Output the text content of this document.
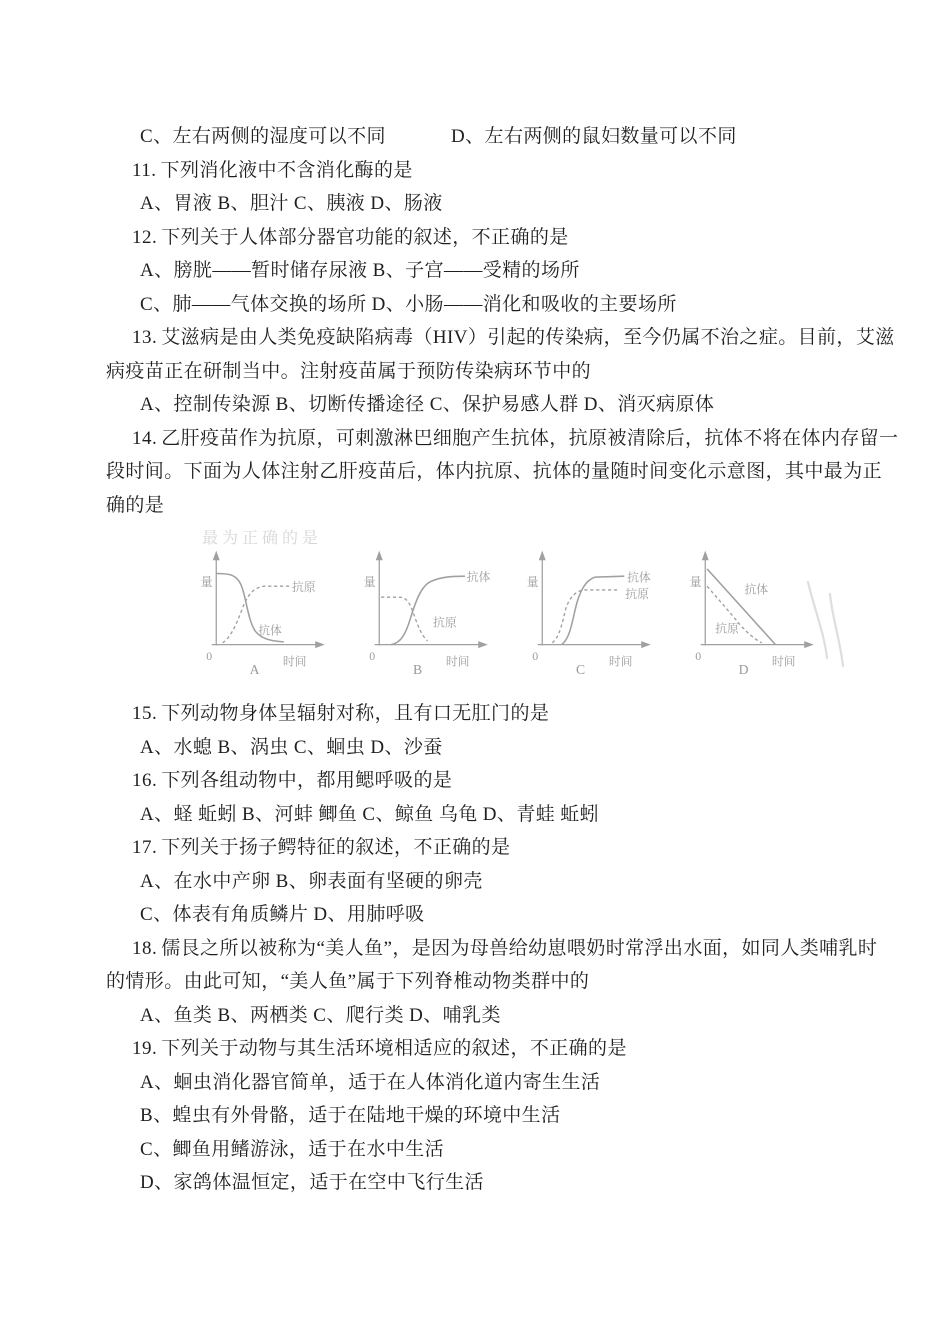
C、左右两侧的湿度可以不同	D、左右两侧的鼠妇数量可以不同
11. 下列消化液中不含消化酶的是
A、胃液 B、胆汁 C、胰液 D、肠液
12. 下列关于人体部分器官功能的叙述，不正确的是
A、膀胱——暂时储存尿液 B、子宫——受精的场所
C、肺——气体交换的场所 D、小肠——消化和吸收的主要场所
13. 艾滋病是由人类免疫缺陷病毒（HIV）引起的传染病，至今仍属不治之症。目前，艾滋
病疫苗正在研制当中。注射疫苗属于预防传染病环节中的
A、控制传染源 B、切断传播途径 C、保护易感人群 D、消灭病原体
14. 乙肝疫苗作为抗原，可刺激淋巴细胞产生抗体，抗原被清除后，抗体不将在体内存留一
段时间。下面为人体注射乙肝疫苗后，体内抗原、抗体的量随时间变化示意图，其中最为正
确的是
最为正确的是
量
0	时间
抗体
抗原
A
量
0	时间
抗体
抗原
B
量
0	时间
抗体
抗原
C
量
0	时间
抗体
抗原
D
15. 下列动物身体呈辐射对称，且有口无肛门的是
A、水螅 B、涡虫 C、蛔虫 D、沙蚕
16. 下列各组动物中，都用鳃呼吸的是
A、蛏 蚯蚓 B、河蚌 鲫鱼 C、鲸鱼 乌龟 D、青蛙 蚯蚓
17. 下列关于扬子鳄特征的叙述，不正确的是
A、在水中产卵 B、卵表面有坚硬的卵壳
C、体表有角质鳞片 D、用肺呼吸
18. 儒艮之所以被称为“美人鱼”，是因为母兽给幼崽喂奶时常浮出水面，如同人类哺乳时
的情形。由此可知，“美人鱼”属于下列脊椎动物类群中的
A、鱼类 B、两栖类 C、爬行类 D、哺乳类
19. 下列关于动物与其生活环境相适应的叙述，不正确的是
A、蛔虫消化器官简单，适于在人体消化道内寄生生活
B、蝗虫有外骨骼，适于在陆地干燥的环境中生活
C、鲫鱼用鳍游泳，适于在水中生活
D、家鸽体温恒定，适于在空中飞行生活
